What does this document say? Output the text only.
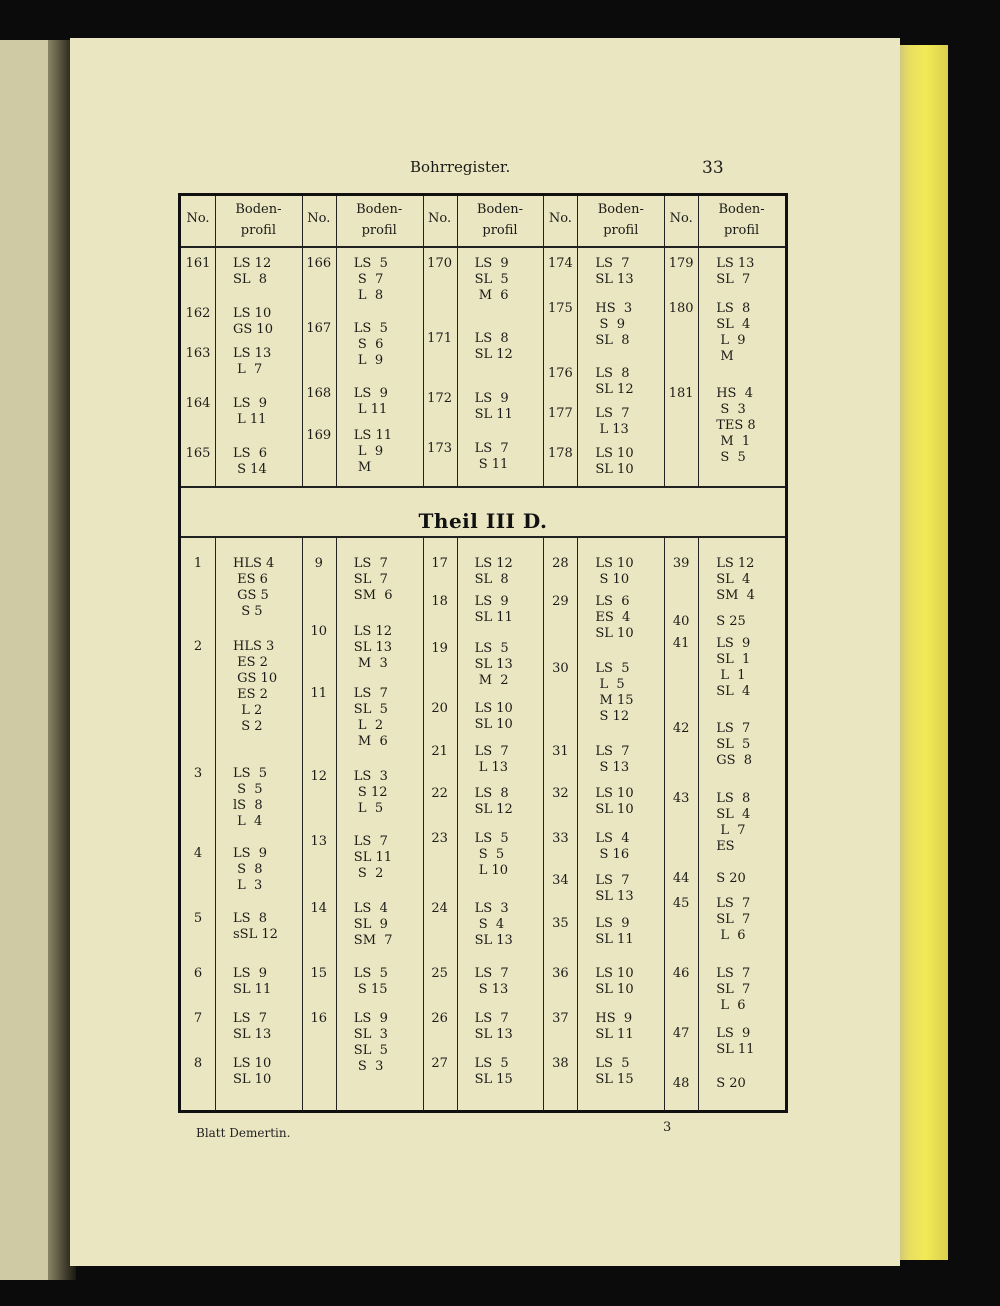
Bohrregister.	33
No.
Boden-
profil
No.
Boden-
profil
No.
Boden-
profil
No.
Boden-
profil
No.
Boden-
profil
Theil III D.
161 LS 12
SL  8
162 LS 10
GS 10
163 LS 13
L  7
164 LS  9
L 11
165 LS  6
S 14
166 LS  5
S  7
L  8
167 LS  5
S  6
L  9
168 LS  9
L 11
169 LS 11
L  9
M
170 LS  9
SL  5
M  6
171 LS  8
SL 12
172 LS  9
SL 11
173 LS  7
S 11
174 LS  7
SL 13
175 HS  3
S  9
SL  8
176 LS  8
SL 12
177 LS  7
L 13
178 LS 10
SL 10
179 LS 13
SL  7
180 LS  8
SL  4
L  9
M
181 HS  4
S  3
TES 8
M  1
S  5
1	HLS 4
ES 6
GS 5
S 5
2	HLS 3
ES 2
GS 10
ES 2
L 2
S 2
3	LS  5
S  5
lS  8
L  4
4	LS  9
S  8
L  3
5	LS  8
sSL 12
6	LS  9
SL 11
7	LS  7
SL 13
8	LS 10
SL 10
9	LS  7
SL  7
SM  6
10	LS 12
SL 13
M  3
11	LS  7
SL  5
L  2
M  6
12	LS  3
S 12
L  5
13	LS  7
SL 11
S  2
14	LS  4
SL  9
SM  7
15	LS  5
S 15
16	LS  9
SL  3
SL  5
S  3
17	LS 12
SL  8
18	LS  9
SL 11
19	LS  5
SL 13
M  2
20	LS 10
SL 10
21	LS  7
L 13
22	LS  8
SL 12
23	LS  5
S  5
L 10
24	LS  3
S  4
SL 13
25	LS  7
S 13
26	LS  7
SL 13
27	LS  5
SL 15
28	LS 10
S 10
29	LS  6
ES  4
SL 10
30	LS  5
L  5
M 15
S 12
31	LS  7
S 13
32	LS 10
SL 10
33	LS  4
S 16
34	LS  7
SL 13
35	LS  9
SL 11
36	LS 10
SL 10
37	HS  9
SL 11
38	LS  5
SL 15
39	LS 12
SL  4
SM  4
40	S 25
41	LS  9
SL  1
L  1
SL  4
42	LS  7
SL  5
GS  8
43	LS  8
SL  4
L  7
ES
44	S 20
45	LS  7
SL  7
L  6
46	LS  7
SL  7
L  6
47	LS  9
SL 11
48	S 20
Blatt Demertin.	3
